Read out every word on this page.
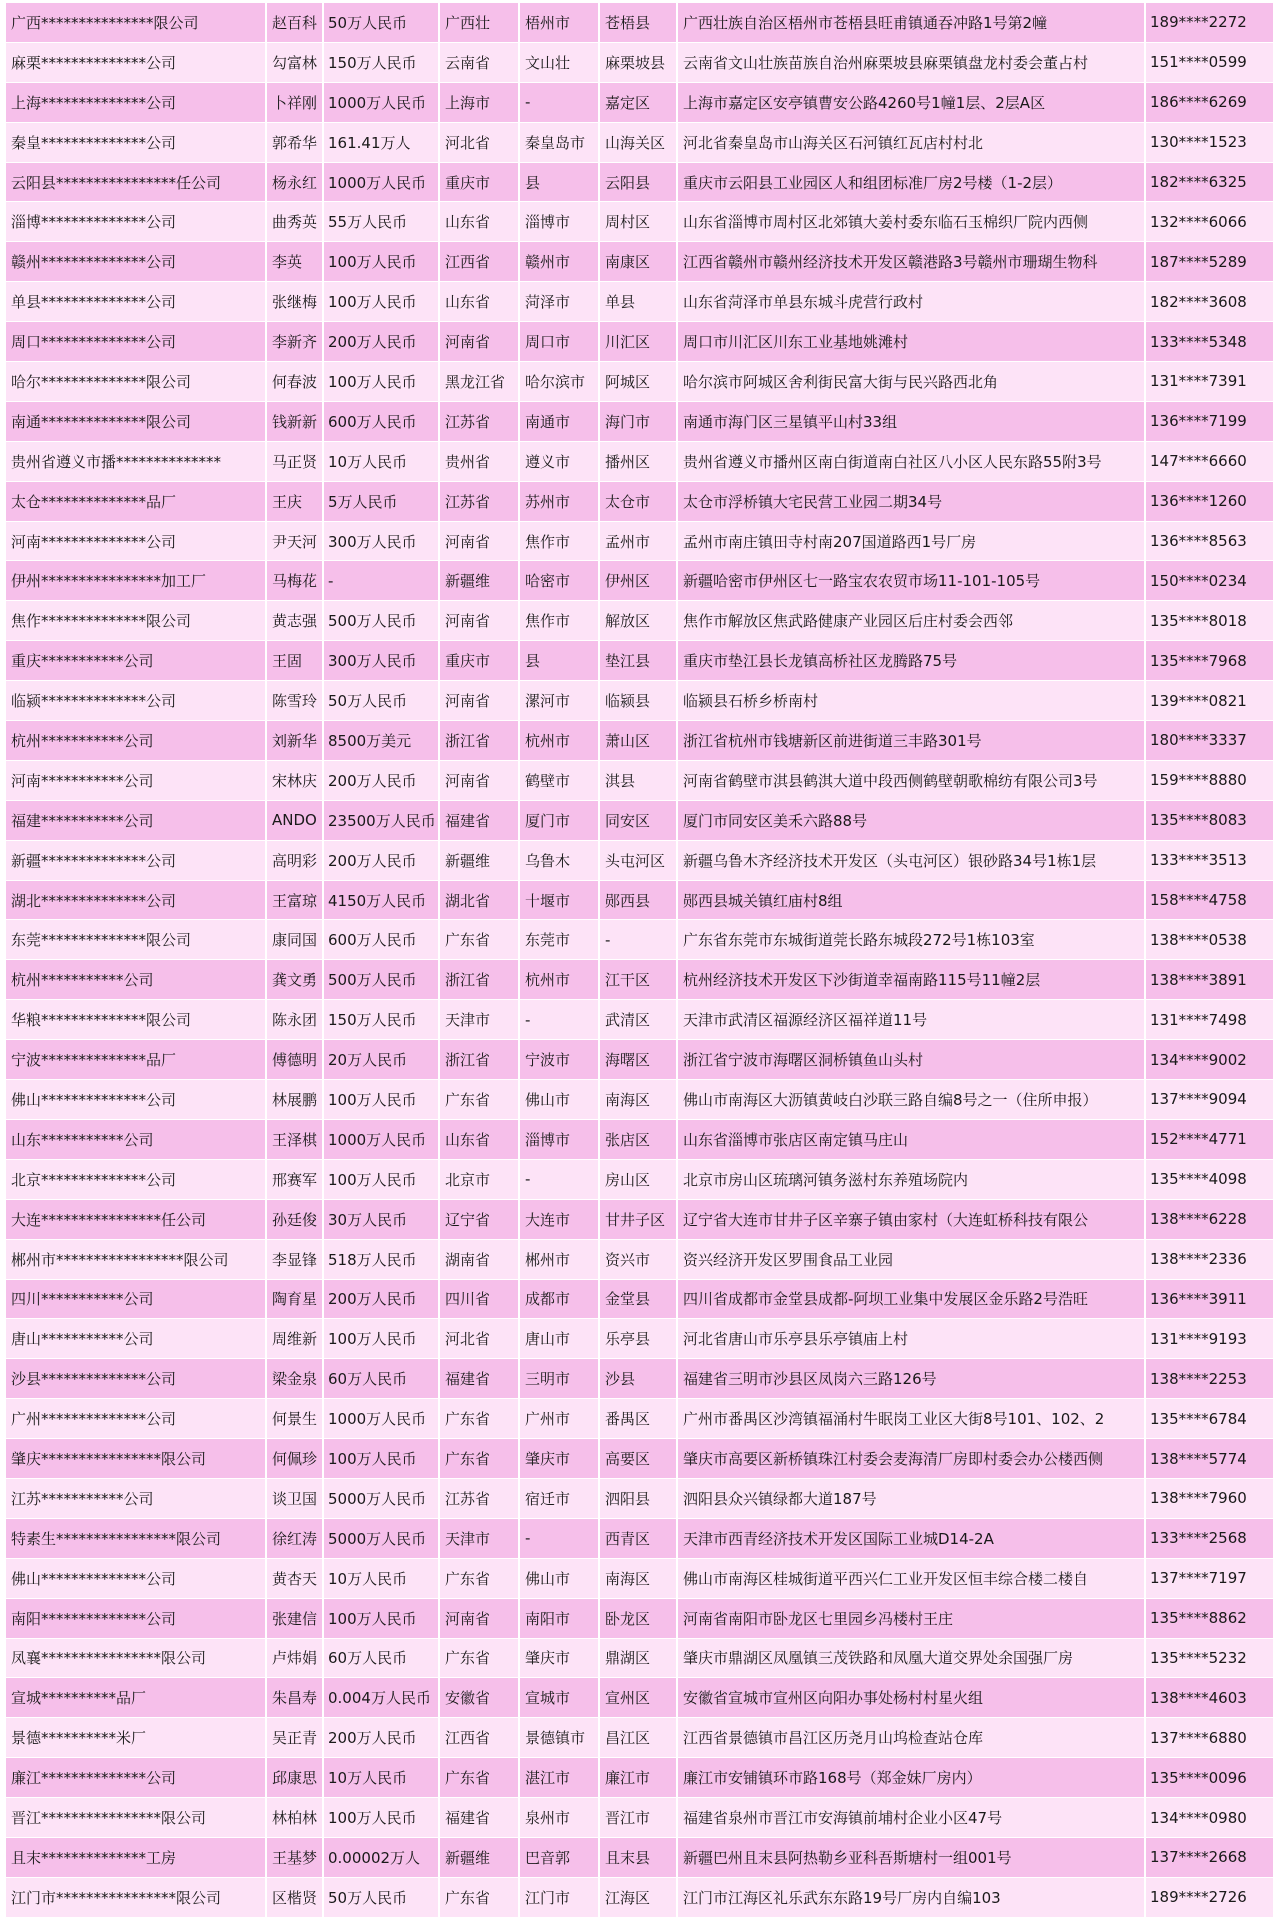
广西***************限公司	赵百科	50万人民币	广西壮	梧州市	苍梧县	广西壮族自治区梧州市苍梧县旺甫镇通吞冲路1号第2幢	189****2272
麻栗**************公司	勾富林	150万人民币	云南省	文山壮	麻栗坡县	云南省文山壮族苗族自治州麻栗坡县麻栗镇盘龙村委会董占村	151****0599
上海**************公司	卜祥刚	1000万人民币	上海市	-	嘉定区	上海市嘉定区安亭镇曹安公路4260号1幢1层、2层A区	186****6269
秦皇**************公司	郭希华	161.41万人	河北省	秦皇岛市	山海关区	河北省秦皇岛市山海关区石河镇红瓦店村村北	130****1523
云阳县****************任公司	杨永红	1000万人民币	重庆市	县	云阳县	重庆市云阳县工业园区人和组团标准厂房2号楼（1-2层）	182****6325
淄博**************公司	曲秀英	55万人民币	山东省	淄博市	周村区	山东省淄博市周村区北郊镇大姜村委东临石玉棉织厂院内西侧	132****6066
赣州**************公司	李英	100万人民币	江西省	赣州市	南康区	江西省赣州市赣州经济技术开发区赣港路3号赣州市珊瑚生物科	187****5289
单县**************公司	张继梅	100万人民币	山东省	菏泽市	单县	山东省菏泽市单县东城斗虎营行政村	182****3608
周口**************公司	李新齐	200万人民币	河南省	周口市	川汇区	周口市川汇区川东工业基地姚滩村	133****5348
哈尔**************限公司	何春波	100万人民币	黑龙江省	哈尔滨市	阿城区	哈尔滨市阿城区舍利街民富大街与民兴路西北角	131****7391
南通**************限公司	钱新新	600万人民币	江苏省	南通市	海门市	南通市海门区三星镇平山村33组	136****7199
贵州省遵义市播**************	马正贤	10万人民币	贵州省	遵义市	播州区	贵州省遵义市播州区南白街道南白社区八小区人民东路55附3号	147****6660
太仓**************品厂	王庆	5万人民币	江苏省	苏州市	太仓市	太仓市浮桥镇大宅民营工业园二期34号	136****1260
河南**************公司	尹天河	300万人民币	河南省	焦作市	孟州市	孟州市南庄镇田寺村南207国道路西1号厂房	136****8563
伊州****************加工厂	马梅花	-	新疆维	哈密市	伊州区	新疆哈密市伊州区七一路宝农农贸市场11-101-105号	150****0234
焦作**************限公司	黄志强	500万人民币	河南省	焦作市	解放区	焦作市解放区焦武路健康产业园区后庄村委会西邻	135****8018
重庆***********公司	王固	300万人民币	重庆市	县	垫江县	重庆市垫江县长龙镇高桥社区龙腾路75号	135****7968
临颍**************公司	陈雪玲	50万人民币	河南省	漯河市	临颍县	临颍县石桥乡桥南村	139****0821
杭州***********公司	刘新华	8500万美元	浙江省	杭州市	萧山区	浙江省杭州市钱塘新区前进街道三丰路301号	180****3337
河南***********公司	宋林庆	200万人民币	河南省	鹤壁市	淇县	河南省鹤壁市淇县鹤淇大道中段西侧鹤壁朝歌棉纺有限公司3号	159****8880
福建***********公司	ANDO	23500万人民币	福建省	厦门市	同安区	厦门市同安区美禾六路88号	135****8083
新疆**************公司	高明彩	200万人民币	新疆维	乌鲁木	头屯河区	新疆乌鲁木齐经济技术开发区（头屯河区）银砂路34号1栋1层	133****3513
湖北**************公司	王富琼	4150万人民币	湖北省	十堰市	郧西县	郧西县城关镇红庙村8组	158****4758
东莞**************限公司	康同国	600万人民币	广东省	东莞市	-	广东省东莞市东城街道莞长路东城段272号1栋103室	138****0538
杭州***********公司	龚文勇	500万人民币	浙江省	杭州市	江干区	杭州经济技术开发区下沙街道幸福南路115号11幢2层	138****3891
华粮**************限公司	陈永团	150万人民币	天津市	-	武清区	天津市武清区福源经济区福祥道11号	131****7498
宁波**************品厂	傅德明	20万人民币	浙江省	宁波市	海曙区	浙江省宁波市海曙区洞桥镇鱼山头村	134****9002
佛山**************公司	林展鹏	100万人民币	广东省	佛山市	南海区	佛山市南海区大沥镇黄岐白沙联三路自编8号之一（住所申报）	137****9094
山东***********公司	王泽棋	1000万人民币	山东省	淄博市	张店区	山东省淄博市张店区南定镇马庄山	152****4771
北京**************公司	邢赛军	100万人民币	北京市	-	房山区	北京市房山区琉璃河镇务滋村东养殖场院内	135****4098
大连****************任公司	孙廷俊	30万人民币	辽宁省	大连市	甘井子区	辽宁省大连市甘井子区辛寨子镇由家村（大连虹桥科技有限公	138****6228
郴州市*****************限公司	李显锋	518万人民币	湖南省	郴州市	资兴市	资兴经济开发区罗围食品工业园	138****2336
四川***********公司	陶育星	200万人民币	四川省	成都市	金堂县	四川省成都市金堂县成都-阿坝工业集中发展区金乐路2号浩旺	136****3911
唐山***********公司	周维新	100万人民币	河北省	唐山市	乐亭县	河北省唐山市乐亭县乐亭镇庙上村	131****9193
沙县**************公司	梁金泉	60万人民币	福建省	三明市	沙县	福建省三明市沙县区凤岗六三路126号	138****2253
广州**************公司	何景生	1000万人民币	广东省	广州市	番禺区	广州市番禺区沙湾镇福涌村牛眠岗工业区大街8号101、102、2	135****6784
肇庆****************限公司	何佩珍	100万人民币	广东省	肇庆市	高要区	肇庆市高要区新桥镇珠江村委会麦海清厂房即村委会办公楼西侧	138****5774
江苏***********公司	谈卫国	5000万人民币	江苏省	宿迁市	泗阳县	泗阳县众兴镇绿都大道187号	138****7960
特素生****************限公司	徐红涛	5000万人民币	天津市	-	西青区	天津市西青经济技术开发区国际工业城D14-2A	133****2568
佛山**************公司	黄杏天	10万人民币	广东省	佛山市	南海区	佛山市南海区桂城街道平西兴仁工业开发区恒丰综合楼二楼自	137****7197
南阳**************公司	张建信	100万人民币	河南省	南阳市	卧龙区	河南省南阳市卧龙区七里园乡冯楼村王庄	135****8862
凤襄****************限公司	卢炜娟	60万人民币	广东省	肇庆市	鼎湖区	肇庆市鼎湖区凤凰镇三茂铁路和凤凰大道交界处余国强厂房	135****5232
宣城**********品厂	朱昌寿	0.004万人民币	安徽省	宣城市	宣州区	安徽省宣城市宣州区向阳办事处杨村村星火组	138****4603
景德**********米厂	吴正青	200万人民币	江西省	景德镇市	昌江区	江西省景德镇市昌江区历尧月山坞检查站仓库	137****6880
廉江**************公司	邱康思	10万人民币	广东省	湛江市	廉江市	廉江市安铺镇环市路168号（郑金妹厂房内）	135****0096
晋江****************限公司	林柏林	100万人民币	福建省	泉州市	晋江市	福建省泉州市晋江市安海镇前埔村企业小区47号	134****0980
且末**************工房	王基梦	0.00002万人	新疆维	巴音郭	且末县	新疆巴州且末县阿热勒乡亚科吾斯塘村一组001号	137****2668
江门市****************限公司	区楷贤	50万人民币	广东省	江门市	江海区	江门市江海区礼乐武东东路19号厂房内自编103	189****2726
